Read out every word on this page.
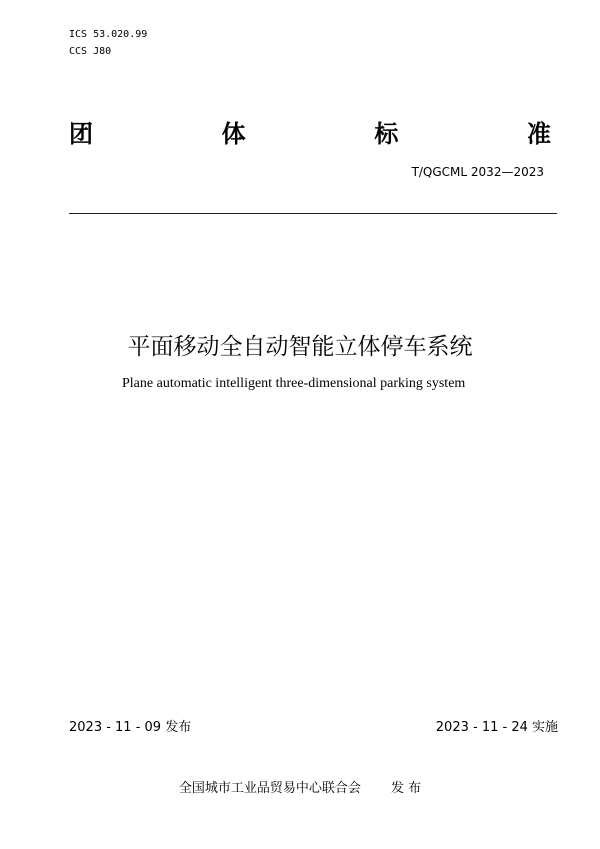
ICS 53.020.99
CCS J80
团	体	标	准
T/QGCML 2032—2023
平面移动全自动智能立体停车系统
Plane automatic intelligent three-dimensional parking system
2023 - 11 - 09 发布	2023 - 11 - 24 实施
全国城市工业品贸易中心联合会 发 布
